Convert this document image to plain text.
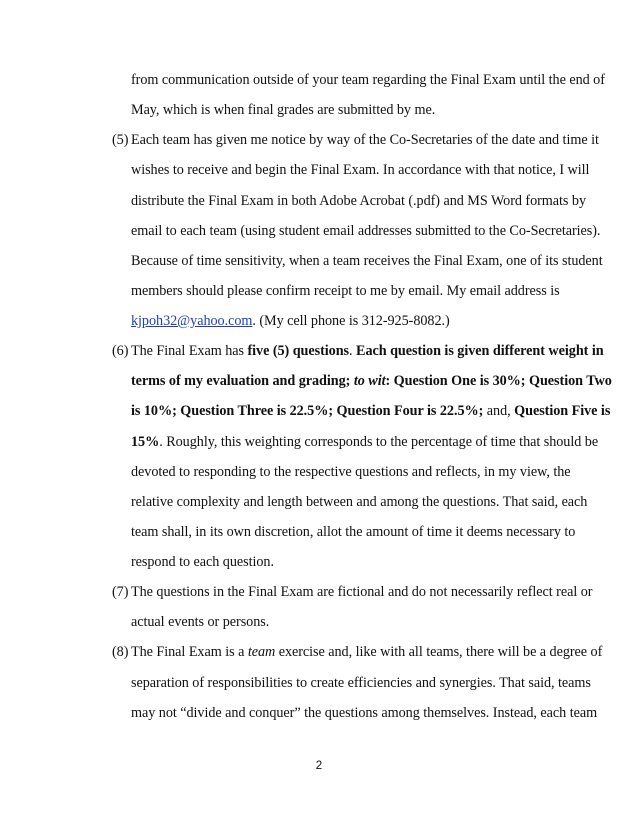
from communication outside of your team regarding the Final Exam until the end of
May, which is when final grades are submitted by me.
(5) Each team has given me notice by way of the Co-Secretaries of the date and time it
wishes to receive and begin the Final Exam. In accordance with that notice, I will
distribute the Final Exam in both Adobe Acrobat (.pdf) and MS Word formats by
email to each team (using student email addresses submitted to the Co-Secretaries).
Because of time sensitivity, when a team receives the Final Exam, one of its student
members should please confirm receipt to me by email. My email address is
kjpoh32@yahoo.com. (My cell phone is 312-925-8082.)
(6) The Final Exam has five (5) questions. Each question is given different weight in
terms of my evaluation and grading; to wit: Question One is 30%; Question Two
is 10%; Question Three is 22.5%; Question Four is 22.5%; and, Question Five is
15%. Roughly, this weighting corresponds to the percentage of time that should be
devoted to responding to the respective questions and reflects, in my view, the
relative complexity and length between and among the questions. That said, each
team shall, in its own discretion, allot the amount of time it deems necessary to
respond to each question.
(7) The questions in the Final Exam are fictional and do not necessarily reflect real or
actual events or persons.
(8) The Final Exam is a team exercise and, like with all teams, there will be a degree of
separation of responsibilities to create efficiencies and synergies. That said, teams
may not “divide and conquer” the questions among themselves. Instead, each team
2
